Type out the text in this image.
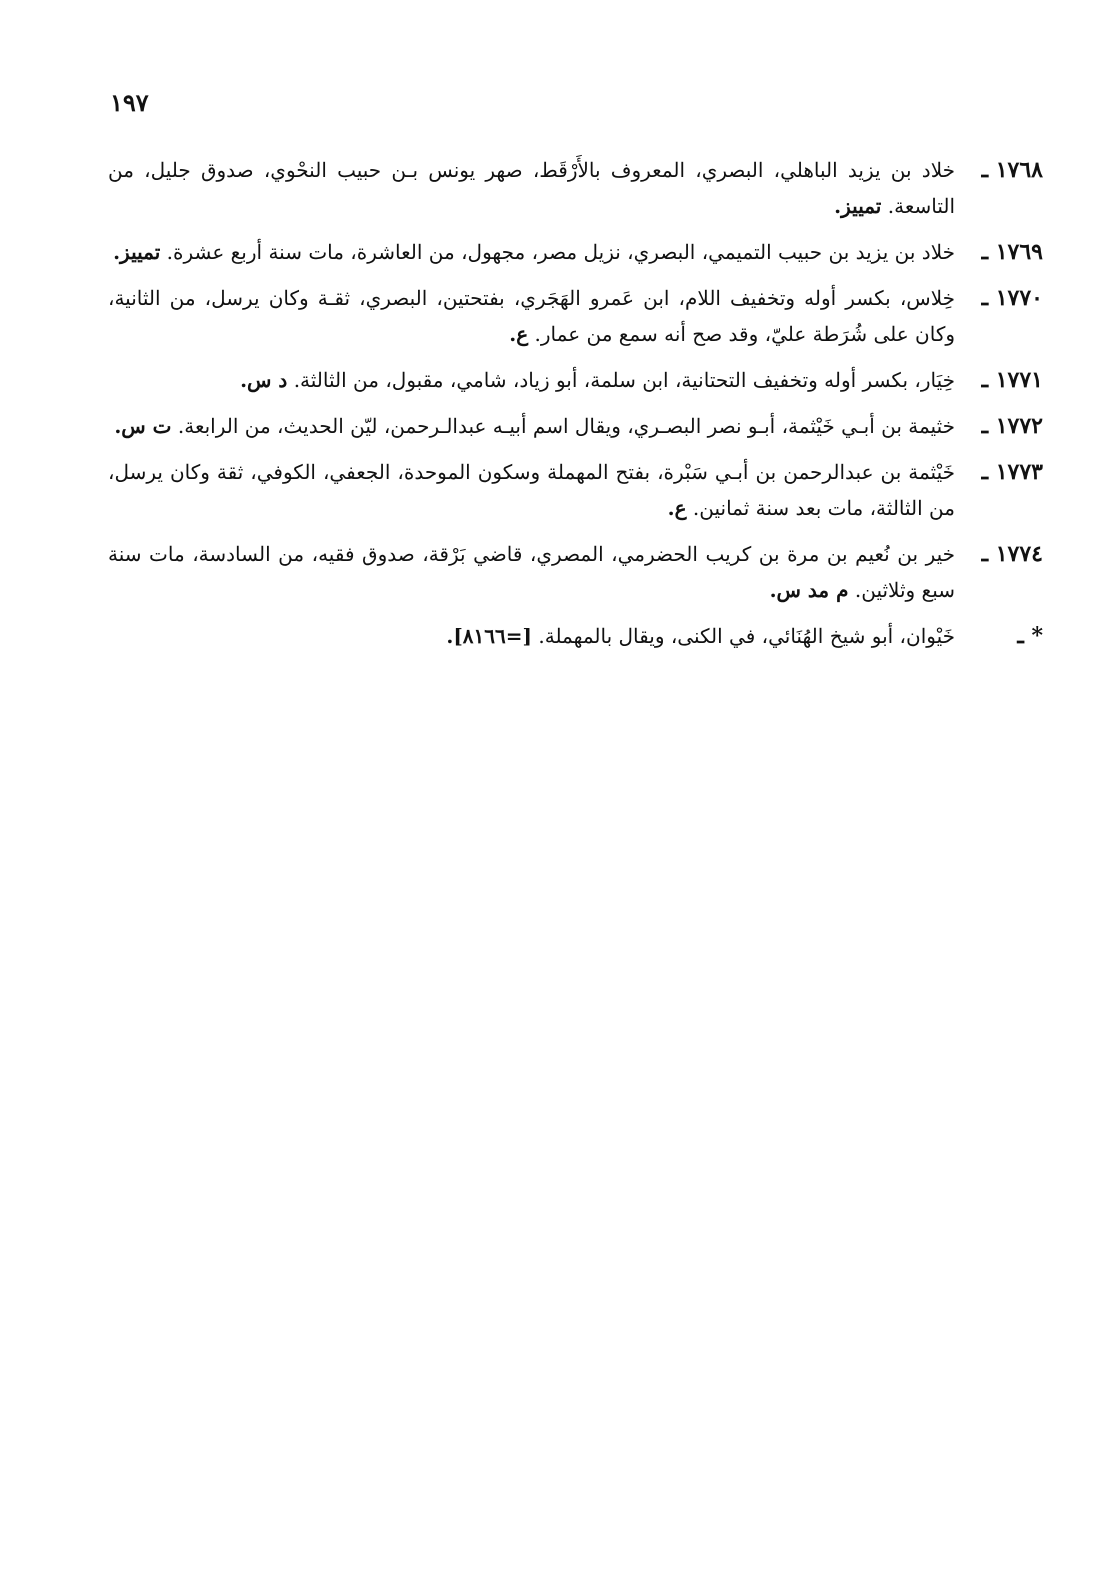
١٩٧
١٧٦٨ ـ
خلاد بن يزيد الباهلي، البصري، المعروف بالأَرْقَط، صهر يونس بـن حبيب النحْوي، صدوق جليل، من التاسعة. تمييز.
١٧٦٩ ـ
خلاد بن يزيد بن حبيب التميمي، البصري، نزيل مصر، مجهول، من العاشرة، مات سنة أربع عشرة. تمييز.
١٧٧٠ ـ
خِلاس، بكسر أوله وتخفيف اللام، ابن عَمرو الهَجَري، بفتحتين، البصري، ثقـة وكان يرسل، من الثانية، وكان على شُرَطة عليّ، وقد صح أنه سمع من عمار. ع.
١٧٧١ ـ
خِيَار، بكسر أوله وتخفيف التحتانية، ابن سلمة، أبو زياد، شامي، مقبول، من الثالثة. د س.
١٧٧٢ ـ
خثيمة بن أبـي خَيْثمة، أبـو نصر البصـري، ويقال اسم أبيـه عبدالـرحمن، ليّن الحديث، من الرابعة. ت س.
١٧٧٣ ـ
خَيْثمة بن عبدالرحمن بن أبـي سَبْرة، بفتح المهملة وسكون الموحدة، الجعفي، الكوفي، ثقة وكان يرسل، من الثالثة، مات بعد سنة ثمانين. ع.
١٧٧٤ ـ
خير بن نُعيم بن مرة بن كريب الحضرمي، المصري، قاضي بَرْقة، صدوق فقيه، من السادسة، مات سنة سبع وثلاثين. م مد س.
* ـ
خَيْوان، أبو شيخ الهُنَائي، في الكنى، ويقال بالمهملة. [=٨١٦٦].
